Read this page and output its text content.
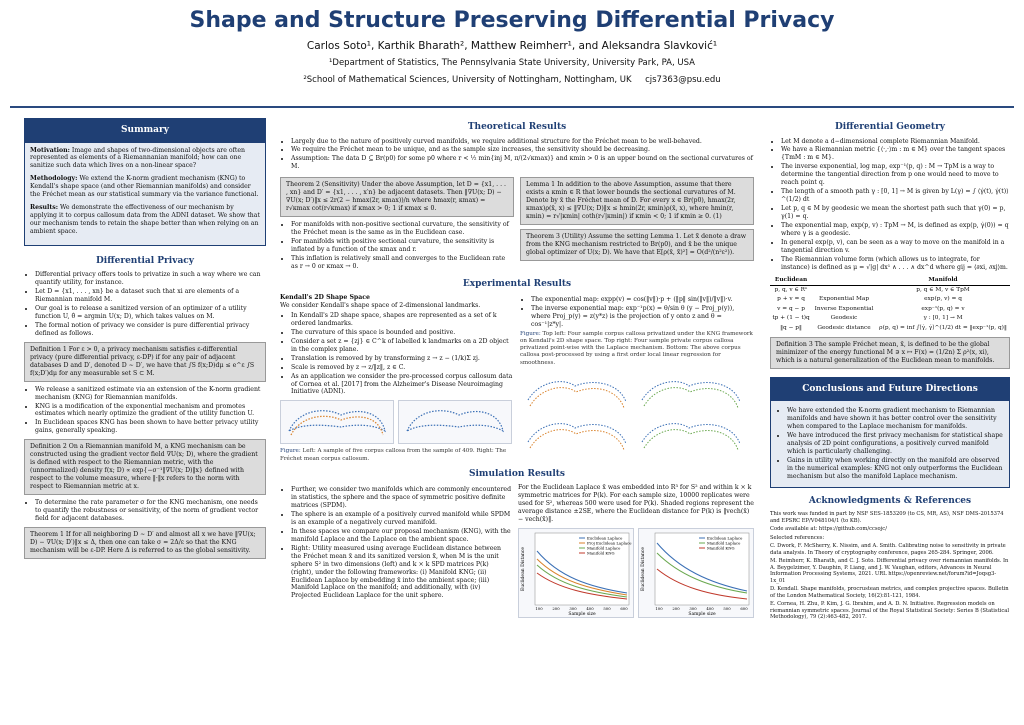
Shape and Structure Preserving Differential Privacy
Carlos Soto¹, Karthik Bharath², Matthew Reimherr¹, and Aleksandra Slavković¹
¹Department of Statistics, The Pennsylvania State University, University Park, PA, USA
²School of Mathematical Sciences, University of Nottingham, Nottingham, UK cjs7363@psu.edu
Summary

Motivation: Image and shapes of two-dimensional objects are often represented as elements of a Riemannanian manifold; how can one sanitize such data which lives on a non-linear space?

Methodology: We extend the K-norm gradient mechanism (KNG) to Kendall's shape space (and other Riemannian manifolds) and consider the Fréchet mean as our statistical summary via the variance functional.

Results: We demonstrate the effectiveness of our mechanism by applying it to corpus callosum data from the ADNI dataset. We show that our mechanism tends to retain the shape better than when relying on an ambient space.

Differential Privacy
• Differential privacy offers tools to privatize in such a way where we can quantify utility, for instance.
• Let D = {x1, . . . , xn} be a dataset such that xi are elements of a Riemannian manifold M.
• Our goal is to release a sanitized version of an optimizer of a utility function U, θ̂ = argmin U(x; D), which takes values on M.
• The formal notion of privacy we consider is pure differential privacy defined as follows.
Definition 1 For ε > 0, a privacy mechanism satisfies ε-differential privacy (pure differential privacy, ε-DP) if for any pair of adjacent databases D and D′, denoted D ∼ D′, we have that ∫S f(x;D)dμ ≤ e^ε ∫S f(x;D′)dμ for any measurable set S ⊂ M.
• We release a sanitized estimate via an extension of the K-norm gradient mechanism (KNG) for Riemannian manifolds.
• KNG is a modification of the exponential mechanism and promotes estimates which nearly optimize the gradient of the utility function U.
• In Euclidean spaces KNG has been shown to have better privacy utility gains, generally speaking.
Definition 2 On a Riemannian manifold M, a KNG mechanism can be constructed using the gradient vector field ∇U(x; D), where the gradient is defined with respect to the Riemannian metric, with the (unnormalized) density f(x; D) ∝ exp{−σ⁻¹‖∇U(x; D)‖x} defined with respect to the volume measure, where ‖·‖x refers to the norm with respect to Riemannian metric at x.
• To determine the rate parameter σ for the KNG mechanism, one needs to quantify the robustness or sensitivity, of the norm of gradient vector field for adjacent databases.
Theorem 1 If for all neighboring D ∼ D′ and almost all x we have ‖∇U(x; D) − ∇U(x; D′)‖x ≤ Δ, then one can take σ = 2Δ/ε so that the KNG mechanism will be ε-DP. Here Δ is referred to as the global sensitivity.
Theoretical Results
• Largely due to the nature of positively curved manifolds, we require additional structure for the Fréchet mean to be well-behaved.
• We require the Fréchet mean to be unique, and as the sample size increases, the sensitivity should be decreasing.
• Assumption: The data D ⊆ Br(p0) for some p0 where r < ½ min{inj M, π/(2√κmax)} and κmin > 0 is an upper bound on the sectional curvatures of M.
Theorem 2 (Sensitivity) Under the above Assumption, let D = {x1, . . . , xn} and D′ = {x1, . . . , x′n} be adjacent datasets. Then ‖∇U(x; D) − ∇U(x; D′)‖x ≤ 2r(2 − hmax(2r, κmax))/n where hmax(r, κmax) = r√κmax cot(r√κmax) if κmax > 0; 1 if κmax ≤ 0.
• For manifolds with non-positive sectional curvature, the sensitivity of the Fréchet mean is the same as in the Euclidean case.
• For manifolds with positive sectional curvature, the sensitivity is inflated by a function of the κmax and r.
• This inflation is relatively small and converges to the Euclidean rate as r → 0 or κmax → 0.
Lemma 1 In addition to the above Assumption, assume that there exists a κmin ∈ R that lower bounds the sectional curvatures of M. Denote by x̄ the Fréchet mean of D. For every x ∈ Br(p0), hmax(2r, κmax)ρ(x̄, x) ≤ ‖∇U(x; D)‖x ≤ hmin(2r, κmin)ρ(x̄, x), where hmin(r, κmin) = r√|κmin| coth(r√|κmin|) if κmin < 0; 1 if κmin ≥ 0. (1)
Theorem 3 (Utility) Assume the setting Lemma 1. Let x̃ denote a draw from the KNG mechanism restricted to Br(p0), and x̄ be the unique global optimizer of U(x; D). We have that E[ρ(x̄, x̃)²] = O(d²/(n²ε²)).
Experimental Results
Kendall's 2D Shape Space
We consider Kendall's shape space of 2-dimensional landmarks.
• In Kendall's 2D shape space, shapes are represented as a set of k ordered landmarks.
• The curvature of this space is bounded and positive.
• Consider a set z = {zj} ∈ C^k of labelled k landmarks on a 2D object in the complex plane.
• Translation is removed by by transforming z → z − (1/k)Σ zj.
• Scale is removed by z → z/‖z‖, z ∈ C.
• As an application we consider the pre-processed corpus callosum data of Cornea et al. [2017] from the Alzheimer's Disease Neuroimaging Initiative (ADNI).
Figure: Left: A sample of five corpus callosa from the sample of 409. Right: The Fréchet mean corpus callosum.
• The exponential map: expp(v) = cos(‖v‖)·p + (‖p‖ sin(‖v‖)/‖v‖)·v.
• The inverse exponential map: exp⁻¹p(x) = θ/sin θ (y − Proj_p(y)), where Proj_p(y) = z(y*z) is the projection of y onto z and θ = cos⁻¹|z*y|.
Figure: Top left: Four sample corpus callosa privatized under the KNG framework on Kendall's 2D shape space. Top right: Four sample private corpus callosa privatized point-wise with the Laplace mechanism. Bottom: The above corpus callosa post-processed by using a first order local linear regression for smoothness.
Simulation Results
• Further, we consider two manifolds which are commonly encountered in statistics, the sphere and the space of symmetric positive definite matrices (SPDM).
• The sphere is an example of a positively curved manifold while SPDM is an example of a negatively curved manifold.
• In these spaces we compare our proposal mechanism (KNG), with the manifold Laplace and the Laplace on the ambient space.
• Right: Utility measured using average Euclidean distance between the Fréchet mean x̄ and its sanitized version x̃, when M is the unit sphere S² in two dimensions (left) and k × k SPD matrices P(k) (right), under the following frameworks: (i) Manifold KNG; (ii) Euclidean Laplace by embedding x̄ into the ambient space; (iii) Manifold Laplace on the manifold; and additionally, with (iv) Projected Euclidean Laplace for the unit sphere.
For the Euclidean Laplace x̄ was embedded into R³ for S² and within k × k symmetric matrices for P(k). For each sample size, 10000 replicates were used for S², whereas 500 were used for P(k). Shaded regions represent the average distance ±2SE, where the Euclidean distance for P(k) is ‖vech(x̄) − vech(x̃)‖.
Euclidean Distance
Sample size
100	200	300	400	500	600
Euclidean Laplace
Proj Euclidean Laplace
Manifold Laplace
Manifold KNG	Euclidean Distance
Sample size
100	200	300	400	500	600
Euclidean Laplace
Manifold Laplace
Manifold KNG
Differential Geometry
• Let M denote a d−dimensional complete Riemannian Manifold.
• We have a Riemannian metric {⟨·,·⟩m : m ∈ M} over the tangent spaces {TmM : m ∈ M}.
• The inverse exponential, log map, exp⁻¹(p, q) : M → TpM is a way to determine the tangential direction from p one would need to move to reach point q.
• The length of a smooth path γ : [0, 1] → M is given by L(γ) = ∫ ⟨γ̇(t), γ̇(t)⟩^(1/2) dt
• Let p, q ∈ M by geodesic we mean the shortest path such that γ(0) = p, γ(1) = q.
• The exponential map, exp(p, v) : TpM → M, is defined as exp(p, γ̇(0)) = q where γ is a geodesic.
• In general exp(p, v), can be seen as a way to move on the manifold in a tangential direction v.
• The Riemannian volume form (which allows us to integrate, for instance) is defined as μ = √|g| dx¹ ∧ . . . ∧ dx^d where gij = ⟨∂xi, ∂xj⟩m.
Euclidean		Manifold
p, q, v ∈ Rⁿ		p, q ∈ M, v ∈ TpM
p + v = q	Exponential Map	exp(p, v) = q
v = q − p	Inverse Exponential	exp⁻¹(p, q) = v
tp + (1 − t)q	Geodesic	γ : [0, 1] → M
‖q − p‖	Geodesic distance	ρ(p, q) = inf ∫⟨γ̇, γ̇⟩^(1/2) dt = ‖exp⁻¹(p, q)‖
Definition 3 The sample Fréchet mean, x̄, is defined to be the global minimizer of the energy functional M ∋ x ↦ F(x) = (1/2n) Σ ρ²(x, xi), which is a natural generalization of the Euclidean mean to manifolds.
Conclusions and Future Directions
• We have extended the K-norm gradient mechanism to Riemannian manifolds and have shown it has better control over the sensitivity when compared to the Laplace mechanism for manifolds.
• We have introduced the first privacy mechanism for statistical shape analysis of 2D point configurations, a positively curved manifold which is particularly challenging.
• Gains in utility when working directly on the manifold are observed in the numerical examples: KNG not only outperforms the Euclidean mechanism but also the manifold Laplace mechanism.
Acknowledgments & References

This work was funded in part by NSF SES-1853209 (to CS, MR, AS), NSF DMS-2015374 and EPSRC EP/V048104/1 (to KB).

Code available at: https://github.com/ccsojc/

Selected references:

C. Dwork, F. McSherry, K. Nissim, and A. Smith. Calibrating noise to sensitivity in private data analysis. In Theory of cryptography conference, pages 265-284. Springer, 2006.

M. Reimherr, K. Bharath, and C. J. Soto. Differential privacy over riemannian manifolds. In A. Beygelzimer, Y. Dauphin, P. Liang, and J. W. Vaughan, editors, Advances in Neural Information Processing Systems, 2021. URL https://openreview.net/forum?id=Joqsg3-1x_01

D. Kendall. Shape manifolds, procrustean metrics, and complex projective spaces. Bulletin of the London Mathematical Society, 16(2):81-121, 1984.

E. Cornea, H. Zhu, P. Kim, J. G. Ibrahim, and A. D. N. Initiative. Regression models on riemannian symmetric spaces. Journal of the Royal Statistical Society: Series B (Statistical Methodology), 79 (2):463-482, 2017.
